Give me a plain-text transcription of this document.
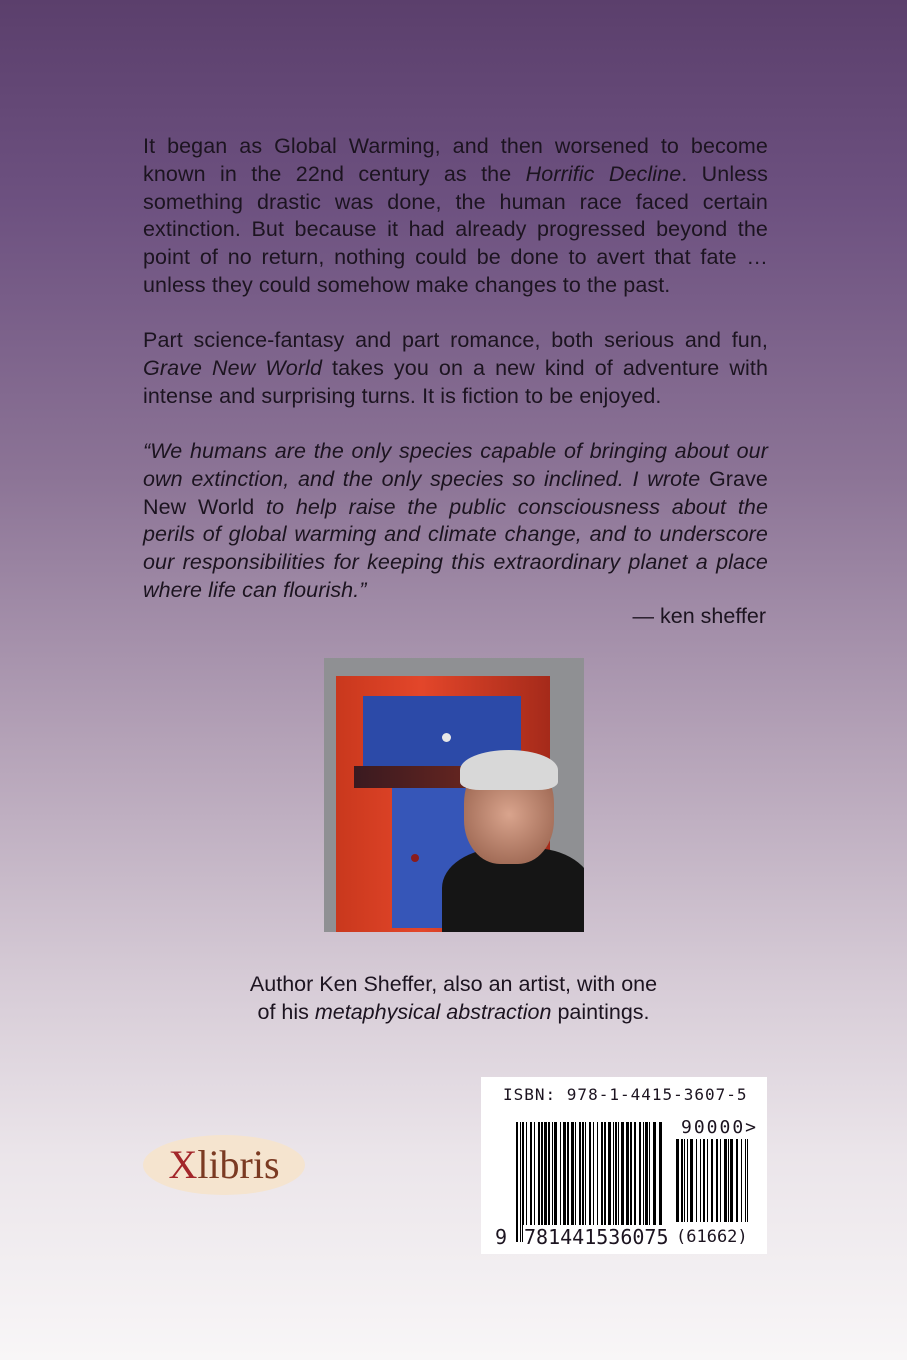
It began as Global Warming, and then worsened to become known in the 22nd century as the Horrific Decline. Unless something drastic was done, the human race faced certain extinction. But because it had already progressed beyond the point of no return, nothing could be done to avert that fate … unless they could somehow make changes to the past.
Part science-fantasy and part romance, both serious and fun, Grave New World takes you on a new kind of adventure with intense and surprising turns. It is fiction to be enjoyed.
“We humans are the only species capable of bringing about our own extinction, and the only species so inclined. I wrote Grave New World to help raise the public consciousness about the perils of global warming and climate change, and to underscore our responsibilities for keeping this extraordinary planet a place where life can flourish.”
— ken sheffer
Author Ken Sheffer, also an artist, with one
of his metaphysical abstraction paintings.
Xlibris
ISBN: 978-1-4415-3607-5
9 781441536075
90000>
(61662)
